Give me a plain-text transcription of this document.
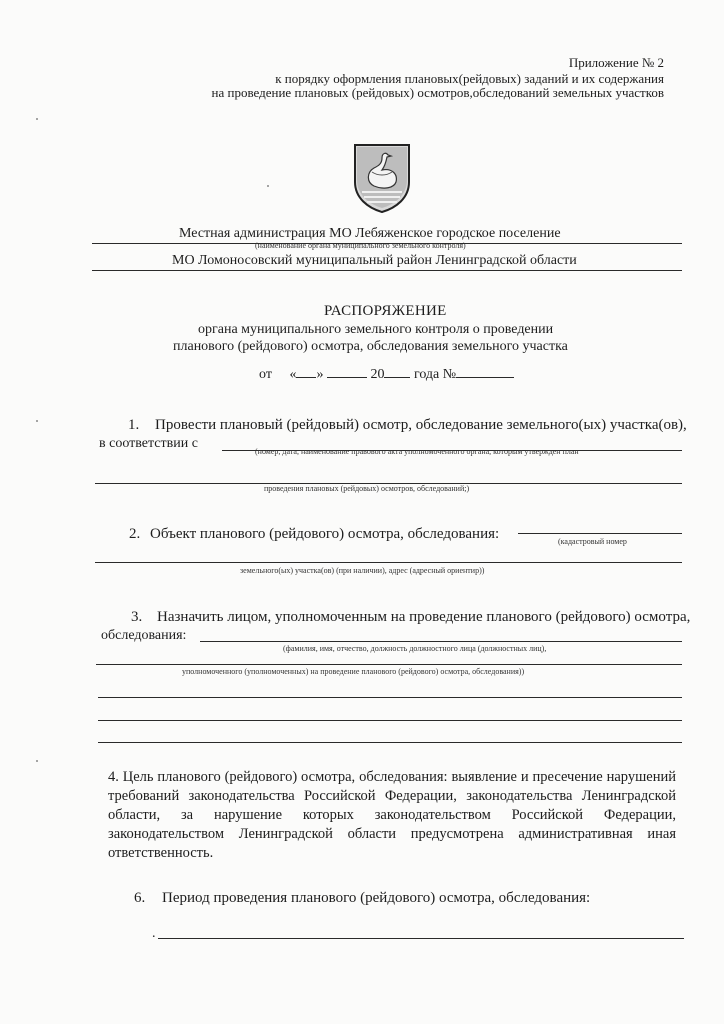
Приложение № 2
к порядку оформления плановых(рейдовых) заданий и их содержания
на проведение плановых (рейдовых) осмотров,обследований земельных участков
Местная администрация МО Лебяженское городское поселение
(наименование органа муниципального земельного контроля)
МО Ломоносовский муниципальный район Ленинградской области
РАСПОРЯЖЕНИЕ
органа муниципального земельного контроля о проведении
планового (рейдового) осмотра, обследования земельного участка
от « »	20 года №
1. Провести плановый (рейдовый) осмотр, обследование земельного(ых) участка(ов),
в соответствии с
(номер, дата, наименование правового акта уполномоченного органа, которым утвержден план
проведения плановых (рейдовых) осмотров, обследований;)
2. Объект планового (рейдового) осмотра, обследования:	(кадастровый номер
земельного(ых) участка(ов) (при наличии), адрес (адресный ориентир))
3. Назначить лицом, уполномоченным на проведение планового (рейдового) осмотра,
обследования:
(фамилия, имя, отчество, должность должностного лица (должностных лиц),
уполномоченного (уполномоченных) на проведение планового (рейдового) осмотра, обследования))
4. Цель планового (рейдового) осмотра, обследования: выявление и пресечение нарушений требований законодательства Российской Федерации, законодательства Ленинградской области, за нарушение которых законодательством Российской Федерации, законодательством Ленинградской области предусмотрена административная иная ответственность.
6. Период проведения планового (рейдового) осмотра, обследования:
.
